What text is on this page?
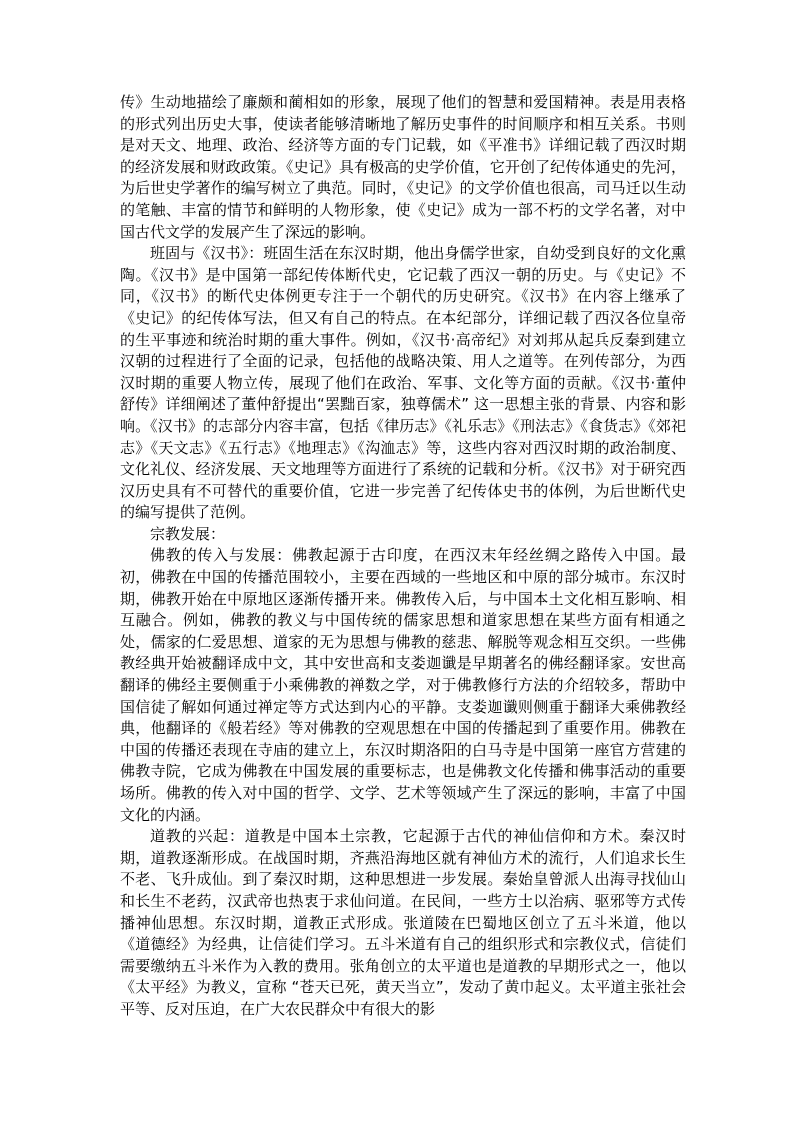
传》生动地描绘了廉颇和蔺相如的形象，展现了他们的智慧和爱国精神。表是用表格的形式列出历史大事，使读者能够清晰地了解历史事件的时间顺序和相互关系。书则是对天文、地理、政治、经济等方面的专门记载，如《平准书》详细记载了西汉时期的经济发展和财政政策。《史记》具有极高的史学价值，它开创了纪传体通史的先河，为后世史学著作的编写树立了典范。同时，《史记》的文学价值也很高，司马迁以生动的笔触、丰富的情节和鲜明的人物形象，使《史记》成为一部不朽的文学名著，对中国古代文学的发展产生了深远的影响。

班固与《汉书》：班固生活在东汉时期，他出身儒学世家，自幼受到良好的文化熏陶。《汉书》是中国第一部纪传体断代史，它记载了西汉一朝的历史。与《史记》不同，《汉书》的断代史体例更专注于一个朝代的历史研究。《汉书》在内容上继承了《史记》的纪传体写法，但又有自己的特点。在本纪部分，详细记载了西汉各位皇帝的生平事迹和统治时期的重大事件。例如，《汉书·高帝纪》对刘邦从起兵反秦到建立汉朝的过程进行了全面的记录，包括他的战略决策、用人之道等。在列传部分，为西汉时期的重要人物立传，展现了他们在政治、军事、文化等方面的贡献。《汉书·董仲舒传》详细阐述了董仲舒提出“罢黜百家，独尊儒术” 这一思想主张的背景、内容和影响。《汉书》的志部分内容丰富，包括《律历志》《礼乐志》《刑法志》《食货志》《郊祀志》《天文志》《五行志》《地理志》《沟洫志》等，这些内容对西汉时期的政治制度、文化礼仪、经济发展、天文地理等方面进行了系统的记载和分析。《汉书》对于研究西汉历史具有不可替代的重要价值，它进一步完善了纪传体史书的体例，为后世断代史的编写提供了范例。

宗教发展：

佛教的传入与发展：佛教起源于古印度，在西汉末年经丝绸之路传入中国。最初，佛教在中国的传播范围较小，主要在西域的一些地区和中原的部分城市。东汉时期，佛教开始在中原地区逐渐传播开来。佛教传入后，与中国本土文化相互影响、相互融合。例如，佛教的教义与中国传统的儒家思想和道家思想在某些方面有相通之处，儒家的仁爱思想、道家的无为思想与佛教的慈悲、解脱等观念相互交织。一些佛教经典开始被翻译成中文，其中安世高和支娄迦谶是早期著名的佛经翻译家。安世高翻译的佛经主要侧重于小乘佛教的禅数之学，对于佛教修行方法的介绍较多，帮助中国信徒了解如何通过禅定等方式达到内心的平静。支娄迦谶则侧重于翻译大乘佛教经典，他翻译的《般若经》等对佛教的空观思想在中国的传播起到了重要作用。佛教在中国的传播还表现在寺庙的建立上，东汉时期洛阳的白马寺是中国第一座官方营建的佛教寺院，它成为佛教在中国发展的重要标志，也是佛教文化传播和佛事活动的重要场所。佛教的传入对中国的哲学、文学、艺术等领域产生了深远的影响，丰富了中国文化的内涵。

道教的兴起：道教是中国本土宗教，它起源于古代的神仙信仰和方术。秦汉时期，道教逐渐形成。在战国时期，齐燕沿海地区就有神仙方术的流行，人们追求长生不老、飞升成仙。到了秦汉时期，这种思想进一步发展。秦始皇曾派人出海寻找仙山和长生不老药，汉武帝也热衷于求仙问道。在民间，一些方士以治病、驱邪等方式传播神仙思想。东汉时期，道教正式形成。张道陵在巴蜀地区创立了五斗米道，他以《道德经》为经典，让信徒们学习。五斗米道有自己的组织形式和宗教仪式，信徒们需要缴纳五斗米作为入教的费用。张角创立的太平道也是道教的早期形式之一，他以《太平经》为教义，宣称 “苍天已死，黄天当立”，发动了黄巾起义。太平道主张社会平等、反对压迫，在广大农民群众中有很大的影
